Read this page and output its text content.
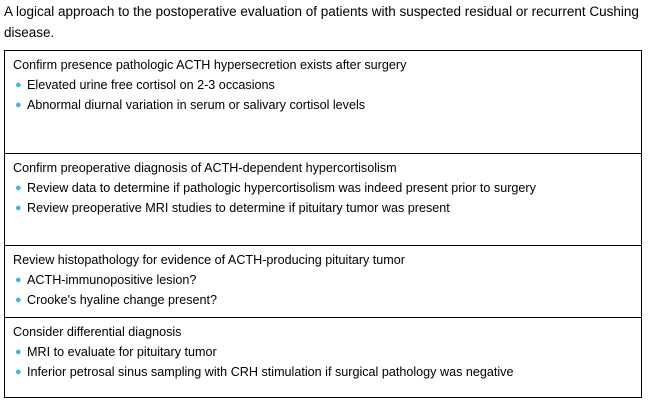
A logical approach to the postoperative evaluation of patients with suspected residual or recurrent Cushing disease.
Confirm presence pathologic ACTH hypersecretion exists after surgery
● Elevated urine free cortisol on 2-3 occasions
● Abnormal diurnal variation in serum or salivary cortisol levels
Confirm preoperative diagnosis of ACTH-dependent hypercortisolism
● Review data to determine if pathologic hypercortisolism was indeed present prior to surgery
● Review preoperative MRI studies to determine if pituitary tumor was present
Review histopathology for evidence of ACTH-producing pituitary tumor
● ACTH-immunopositive lesion?
● Crooke's hyaline change present?
Consider differential diagnosis
● MRI to evaluate for pituitary tumor
● Inferior petrosal sinus sampling with CRH stimulation if surgical pathology was negative
